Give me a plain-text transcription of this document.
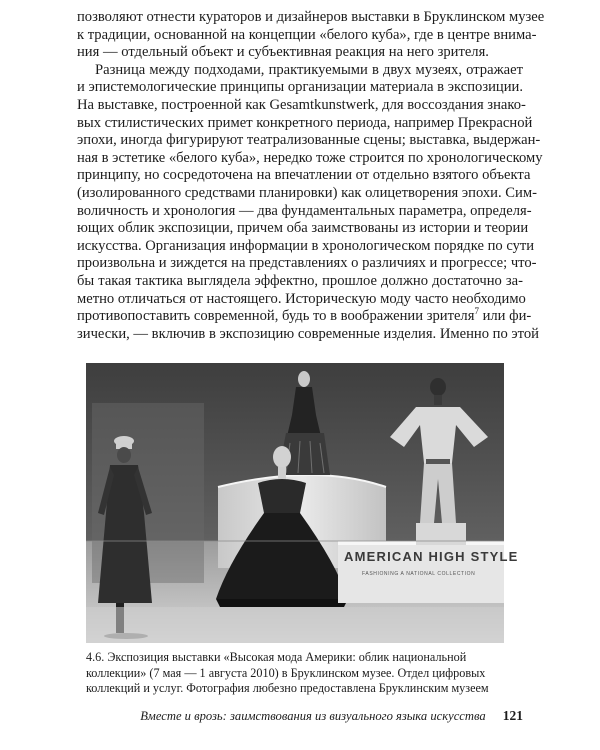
позволяют отнести кураторов и дизайнеров выставки в Бруклинском музее
к традиции, основанной на концепции «белого куба», где в центре внима-
ния — отдельный объект и субъективная реакция на него зрителя.
Разница между подходами, практикуемыми в двух музеях, отражает
и эпистемологические принципы организации материала в экспозиции.
На выставке, построенной как Gesamtkunstwerk, для воссоздания знако-
вых стилистических примет конкретного периода, например Прекрасной
эпохи, иногда фигурируют театрализованные сцены; выставка, выдержан-
ная в эстетике «белого куба», нередко тоже строится по хронологическому
принципу, но сосредоточена на впечатлении от отдельно взятого объекта
(изолированного средствами планировки) как олицетворения эпохи. Сим-
воличность и хронология — два фундаментальных параметра, определя-
ющих облик экспозиции, причем оба заимствованы из истории и теории
искусства. Организация информации в хронологическом порядке по сути
произвольна и зиждется на представлениях о различиях и прогрессе; что-
бы такая тактика выглядела эффектно, прошлое должно достаточно за-
метно отличаться от настоящего. Историческую моду часто необходимо
противопоставить современной, будь то в воображении зрителя$^7$ или фи-
зически, — включив в экспозицию современные изделия. Именно по этой
AMERICAN HIGH STYLE
FASHIONING A NATIONAL COLLECTION
4.6. Экспозиция выставки «Высокая мода Америки: облик национальной
коллекции» (7 мая — 1 августа 2010) в Бруклинском музее. Отдел цифровых
коллекций и услуг. Фотография любезно предоставлена Бруклинским музеем
Вместе и врозь: заимствования из визуального языка искусства 121
